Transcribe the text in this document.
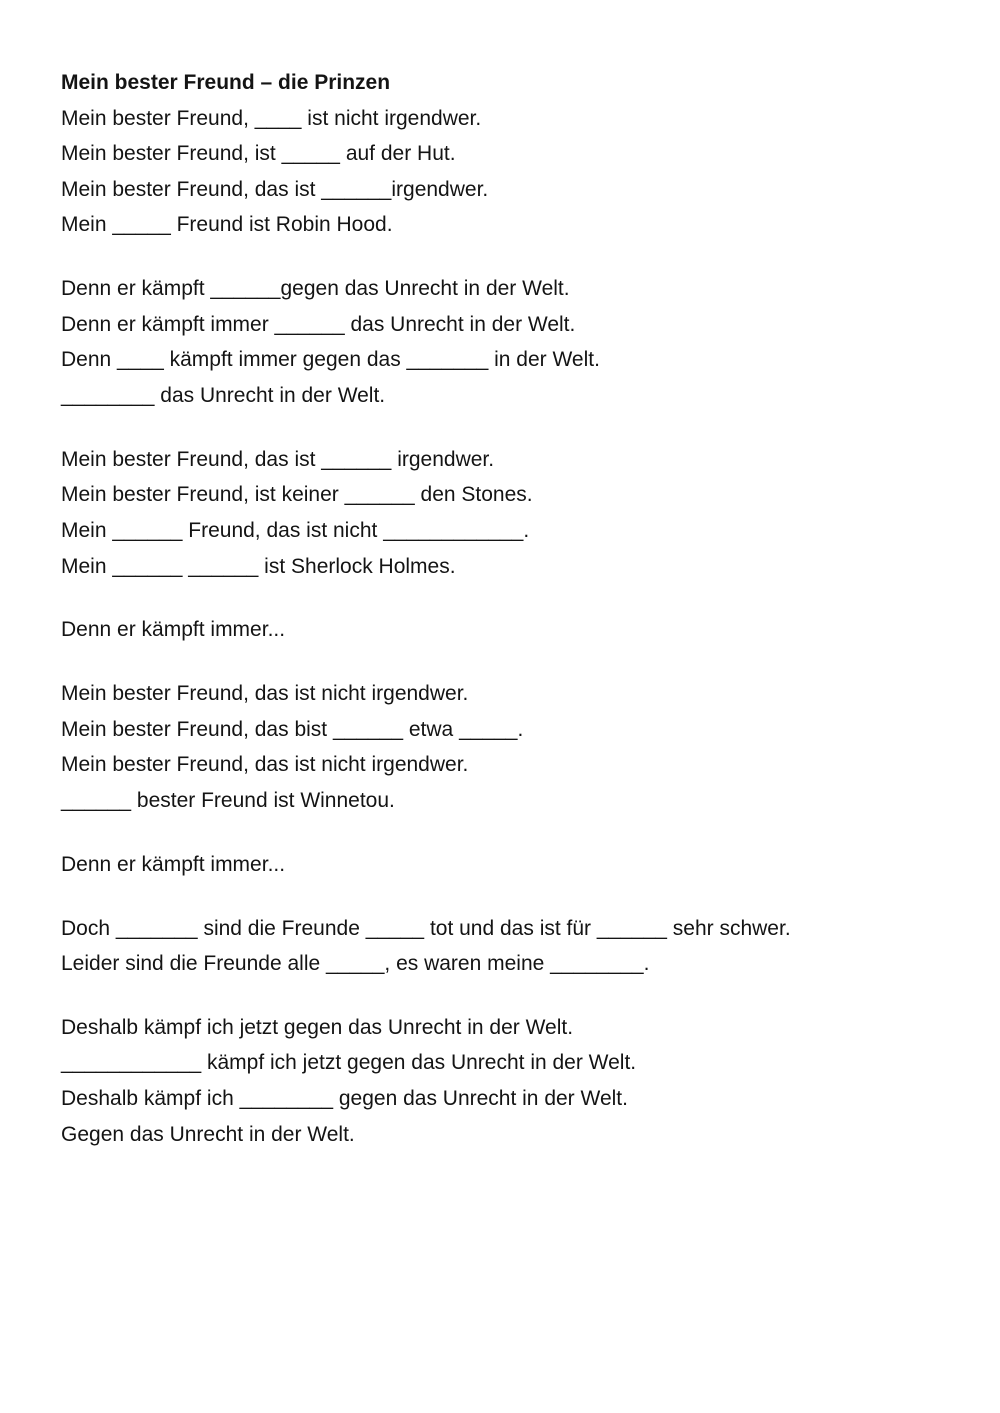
Mein bester Freund – die Prinzen
Mein bester Freund, ____ ist nicht irgendwer.
Mein bester Freund, ist _____ auf der Hut.
Mein bester Freund, das ist ______irgendwer.
Mein _____ Freund ist Robin Hood.
Denn er kämpft ______gegen das Unrecht in der Welt.
Denn er kämpft immer ______ das Unrecht in der Welt.
Denn ____ kämpft immer gegen das _______ in der Welt.
________ das Unrecht in der Welt.
Mein bester Freund, das ist ______ irgendwer.
Mein bester Freund, ist keiner ______ den Stones.
Mein ______ Freund, das ist nicht ____________.
Mein ______ ______ ist Sherlock Holmes.
Denn er kämpft immer...
Mein bester Freund, das ist nicht irgendwer.
Mein bester Freund, das bist ______ etwa _____.
Mein bester Freund, das ist nicht irgendwer.
______ bester Freund ist Winnetou.
Denn er kämpft immer...
Doch _______ sind die Freunde _____ tot und das ist für ______ sehr schwer.
Leider sind die Freunde alle _____, es waren meine ________.
Deshalb kämpf ich jetzt gegen das Unrecht in der Welt.
____________ kämpf ich jetzt gegen das Unrecht in der Welt.
Deshalb kämpf ich ________ gegen das Unrecht in der Welt.
Gegen das Unrecht in der Welt.
